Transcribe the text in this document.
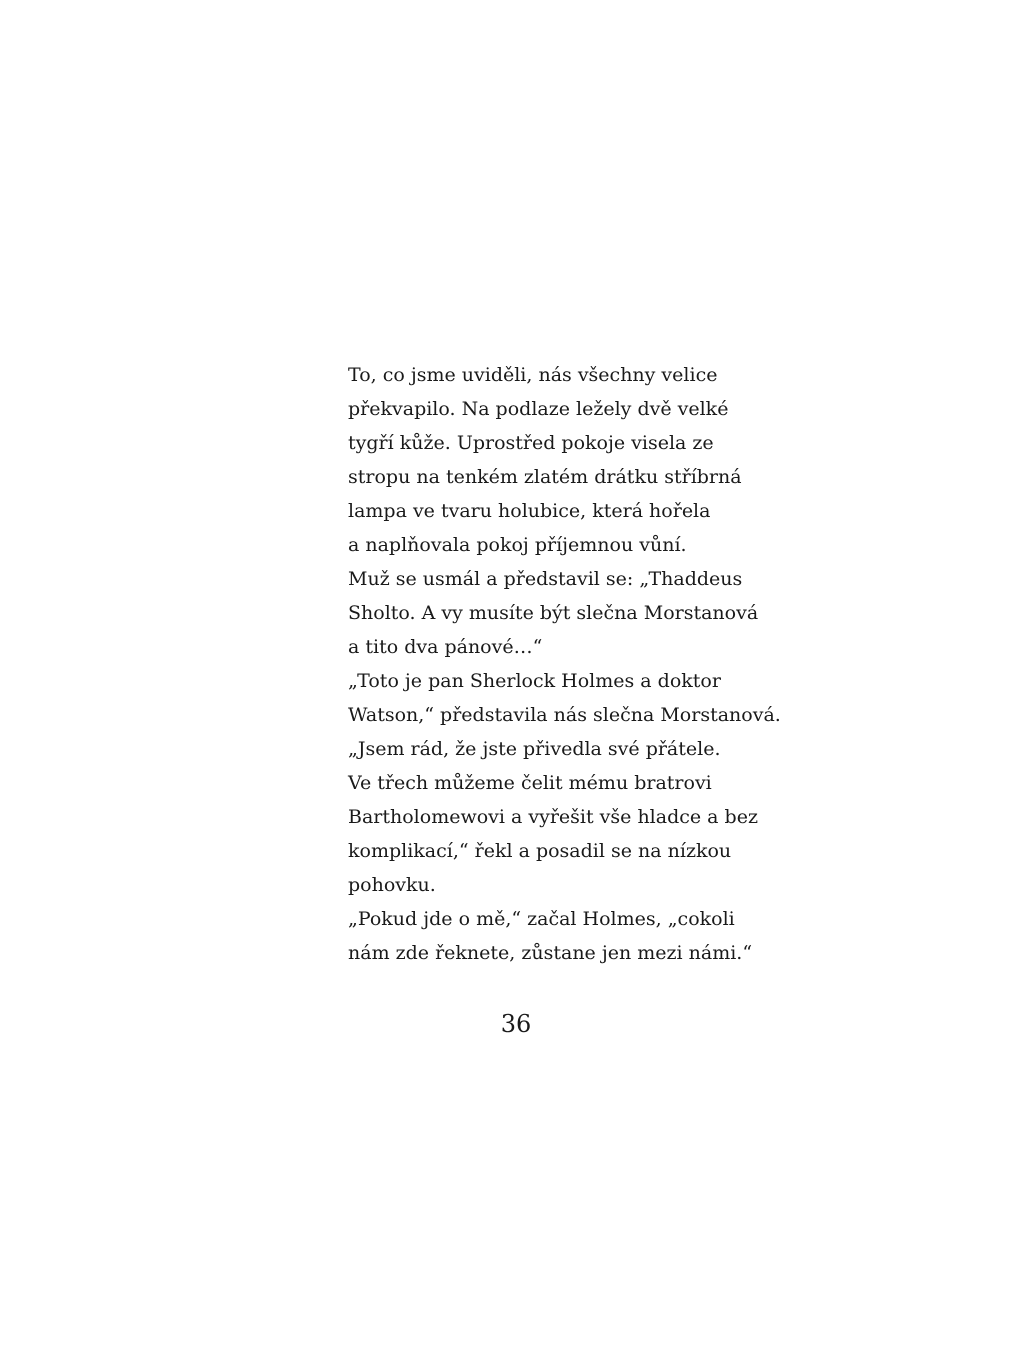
To, co jsme uviděli, nás všechny velice
překvapilo. Na podlaze ležely dvě velké
tygří kůže. Uprostřed pokoje visela ze
stropu na tenkém zlatém drátku stříbrná
lampa ve tvaru holubice, která hořela
a naplňovala pokoj příjemnou vůní.

Muž se usmál a představil se: „Thaddeus
Sholto. A vy musíte být slečna Morstanová
a tito dva pánové…“

„Toto je pan Sherlock Holmes a doktor
Watson,“ představila nás slečna Morstanová.

„Jsem rád, že jste přivedla své přátele.
Ve třech můžeme čelit mému bratrovi
Bartholomewovi a vyřešit vše hladce a bez
komplikací,“ řekl a posadil se na nízkou
pohovku.

„Pokud jde o mě,“ začal Holmes, „cokoli
nám zde řeknete, zůstane jen mezi námi.“

36
